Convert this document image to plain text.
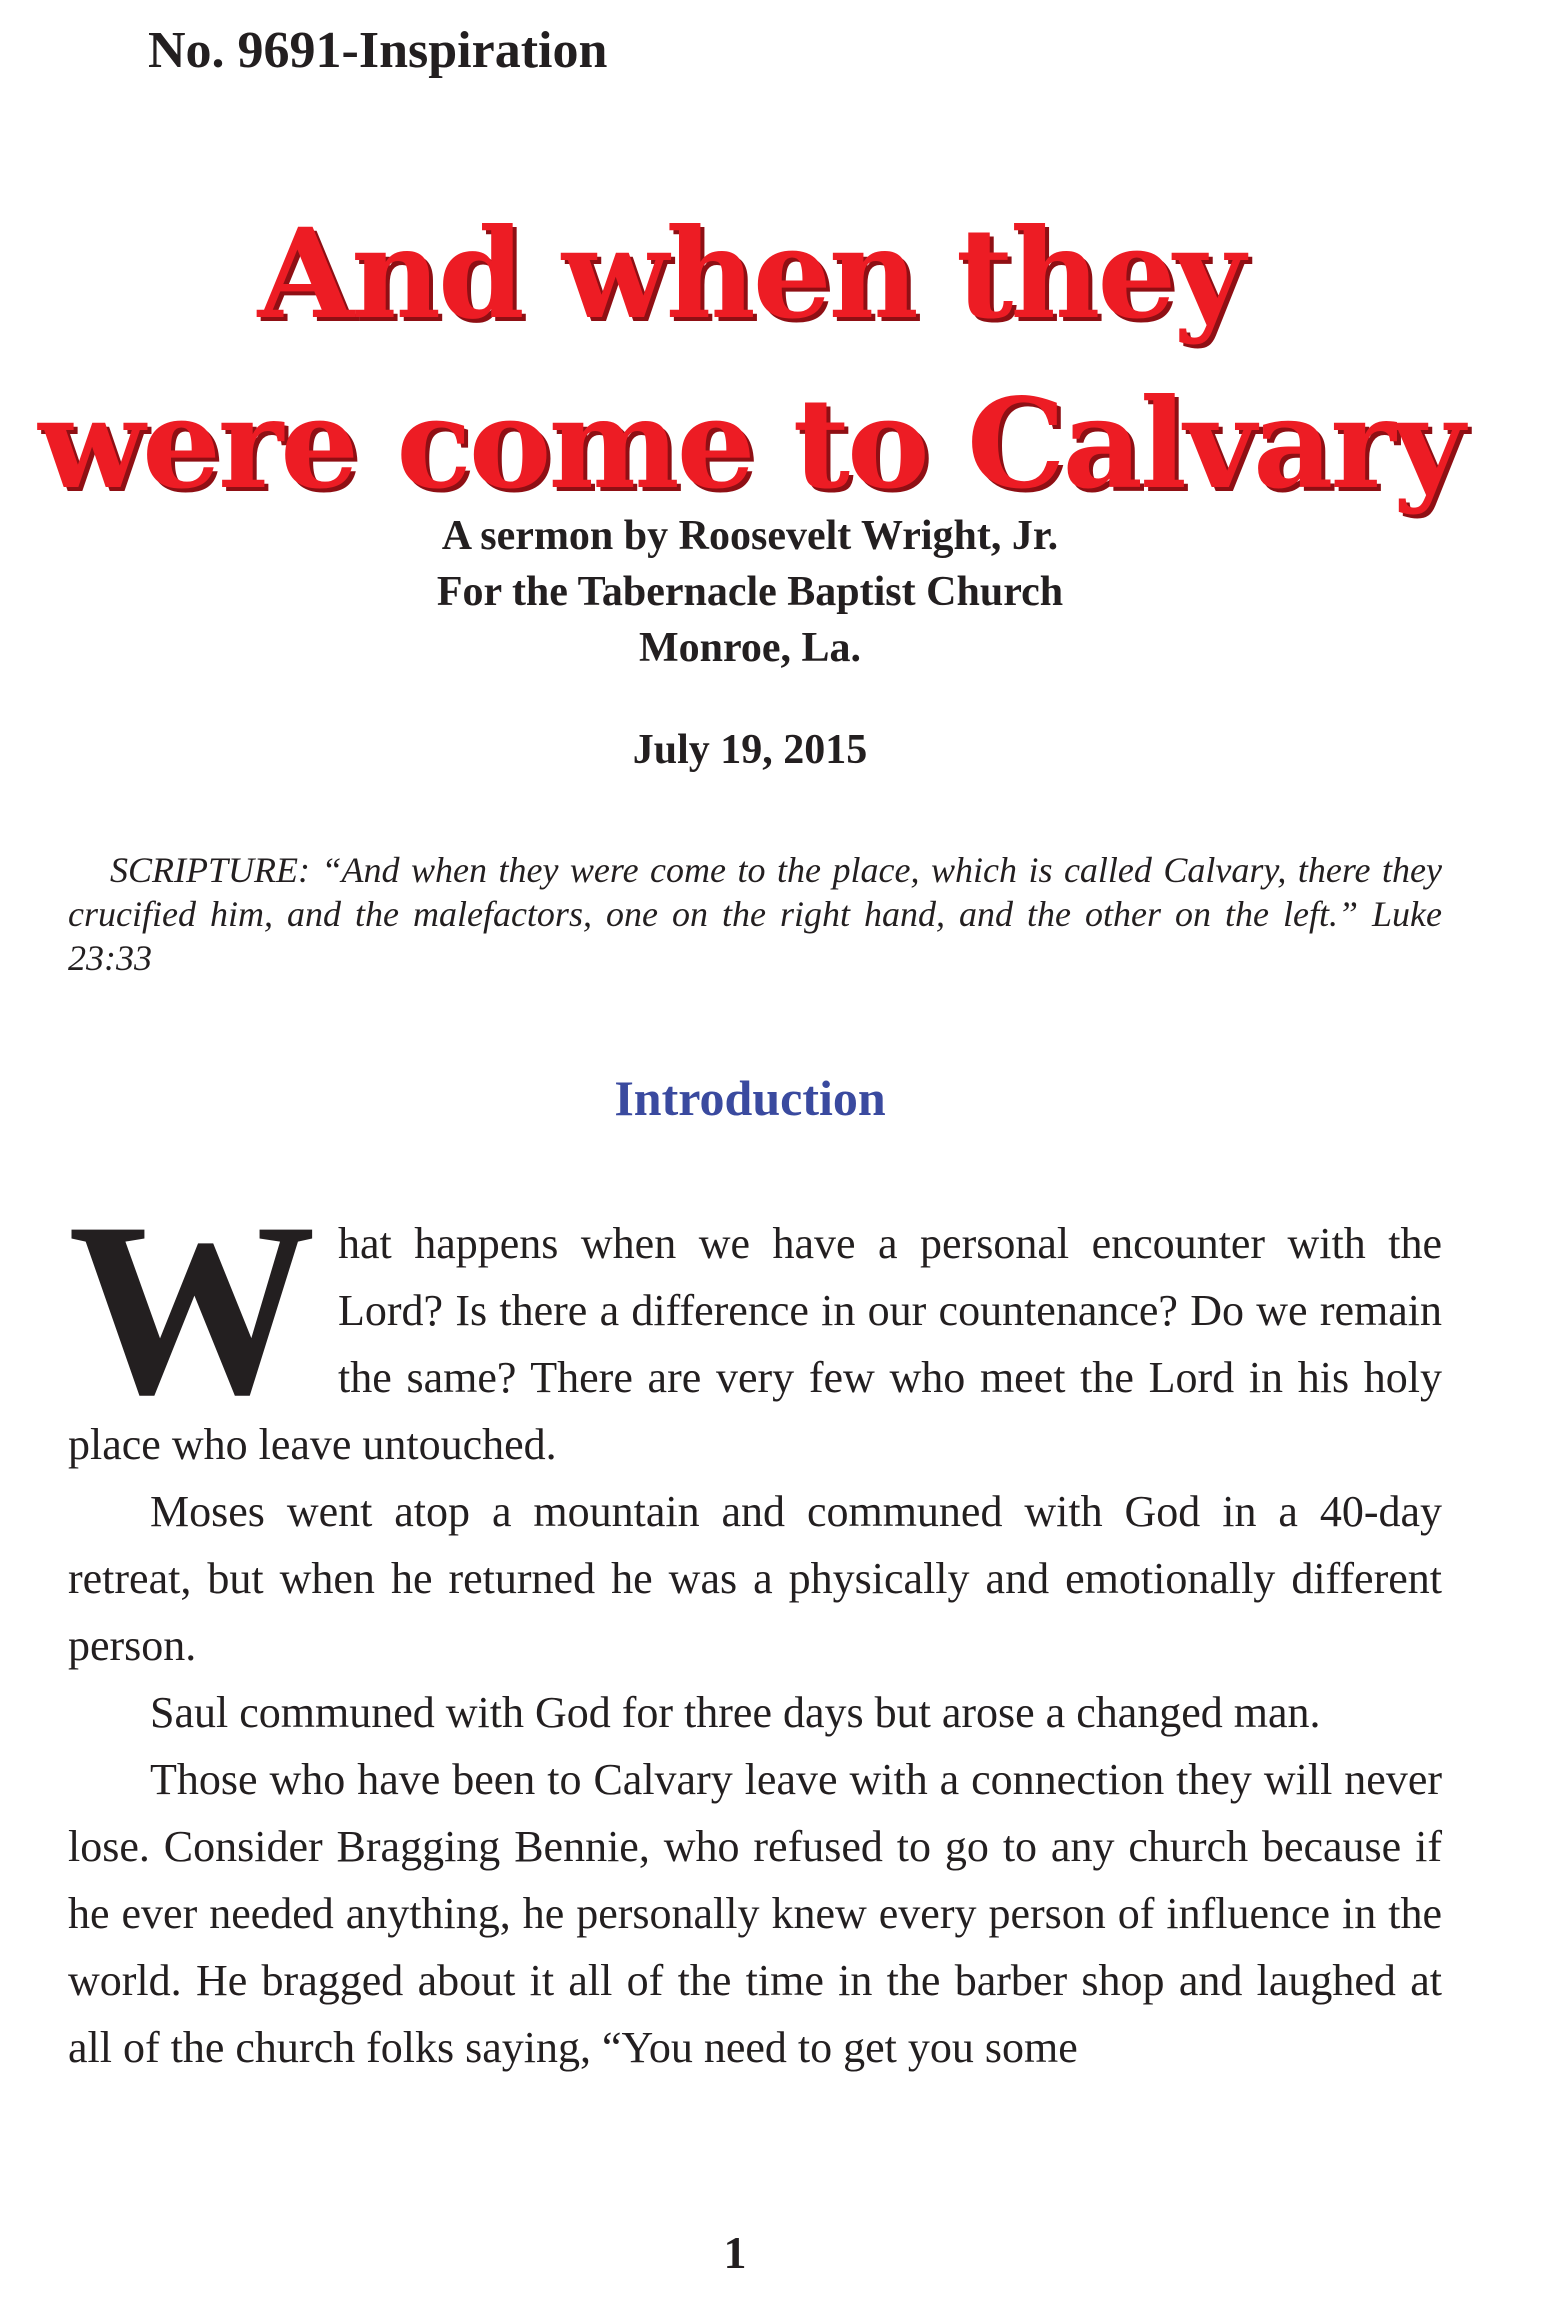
No. 9691-Inspiration
And when they
were come to Calvary
A sermon by Roosevelt Wright, Jr.
For the Tabernacle Baptist Church
Monroe, La.
July 19, 2015

SCRIPTURE: “And when they were come to the place, which is called Calvary, there they crucified him, and the malefactors, one on the right hand, and the other on the left.” Luke 23:33

Introduction

W hat happens when we have a personal encounter with the Lord? Is there a difference in our countenance? Do we remain the same? There are very few who meet the Lord in his holy place who leave untouched.

Moses went atop a mountain and communed with God in a 40-day retreat, but when he returned he was a physically and emotionally different person.

Saul communed with God for three days but arose a changed man.

Those who have been to Calvary leave with a connection they will never lose. Consider Bragging Bennie, who refused to go to any church because if he ever needed anything, he personally knew every person of influence in the world. He bragged about it all of the time in the barber shop and laughed at all of the church folks saying, “You need to get you some

1
